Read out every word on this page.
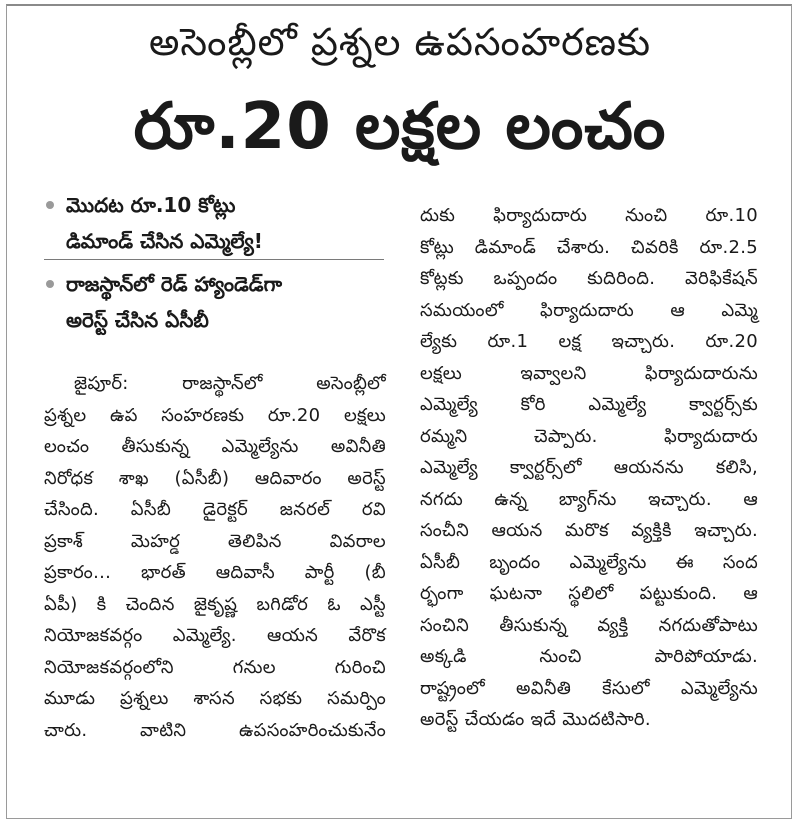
అసెంబ్లీలో ప్రశ్నల ఉపసంహరణకు
రూ.20 లక్షల లంచం
మొదట రూ.10 కోట్లు
డిమాండ్ చేసిన ఎమ్మెల్యే!
రాజస్థాన్‌లో రెడ్ హ్యాండెడ్‌గా
అరెస్ట్ చేసిన ఏసీబీ
జైపూర్: రాజస్థాన్‌లో అసెంబ్లీలో
ప్రశ్నల ఉప సంహరణకు రూ.20 లక్షలు
లంచం తీసుకున్న ఎమ్మెల్యేను అవినీతి
నిరోధక శాఖ (ఏసీబీ) ఆదివారం అరెస్ట్
చేసింది. ఏసీబీ డైరెక్టర్ జనరల్ రవి
ప్రకాశ్ మెహర్డ తెలిపిన వివరాల
ప్రకారం... భారత్ ఆదివాసీ పార్టీ (బీ
ఏపీ) కి చెందిన జైకృష్ణ బగిడోర ఓ ఎస్టీ
నియోజకవర్గం ఎమ్మెల్యే. ఆయన వేరొక
నియోజకవర్గంలోని గనుల గురించి
మూడు ప్రశ్నలు శాసన సభకు సమర్పిం
చారు. వాటిని ఉపసంహరించుకునేం
దుకు ఫిర్యాదుదారు నుంచి రూ.10
కోట్లు డిమాండ్ చేశారు. చివరికి రూ.2.5
కోట్లకు ఒప్పందం కుదిరింది. వెరిఫికేషన్
సమయంలో ఫిర్యాదుదారు ఆ ఎమ్మె
ల్యేకు రూ.1 లక్ష ఇచ్చారు. రూ.20
లక్షలు ఇవ్వాలని ఫిర్యాదుదారును
ఎమ్మెల్యే కోరి ఎమ్మెల్యే క్వార్టర్స్‌కు
రమ్మని చెప్పారు. ఫిర్యాదుదారు
ఎమ్మెల్యే క్వార్టర్స్‌లో ఆయనను కలిసి,
నగదు ఉన్న బ్యాగ్‌ను ఇచ్చారు. ఆ
సంచీని ఆయన మరొక వ్యక్తికి ఇచ్చారు.
ఏసీబీ బృందం ఎమ్మెల్యేను ఈ సంద
ర్భంగా ఘటనా స్థలిలో పట్టుకుంది. ఆ
సంచిని తీసుకున్న వ్యక్తి నగదుతోపాటు
అక్కడి నుంచి పారిపోయాడు.
రాష్ట్రంలో అవినీతి కేసులో ఎమ్మెల్యేను
అరెస్ట్ చేయడం ఇదే మొదటిసారి.
